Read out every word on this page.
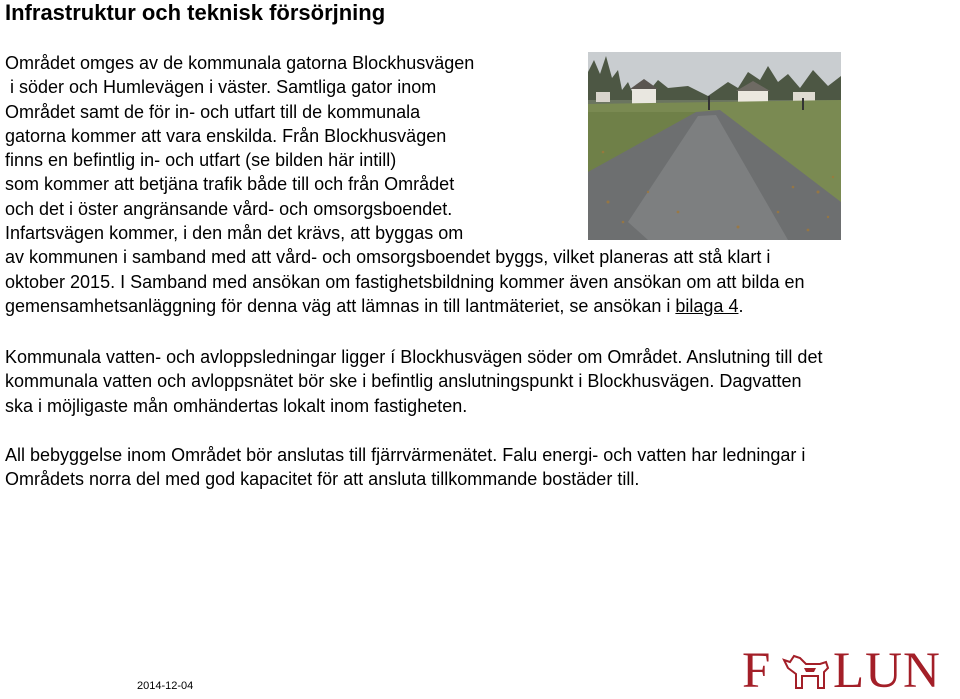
Infrastruktur och teknisk försörjning
Området omges av de kommunala gatorna Blockhusvägen
i söder och Humlevägen i väster. Samtliga gator inom
Området samt de för in- och utfart till de kommunala
gatorna kommer att vara enskilda. Från Blockhusvägen
finns en befintlig in- och utfart (se bilden här intill)
som kommer att betjäna trafik både till och från Området
och det i öster angränsande vård- och omsorgsboendet.
Infartsvägen kommer, i den mån det krävs, att byggas om
av kommunen i samband med att vård- och omsorgsboendet byggs, vilket planeras att stå klart i
oktober 2015. I Samband med ansökan om fastighetsbildning kommer även ansökan om att bilda en
gemensamhetsanläggning för denna väg att lämnas in till lantmäteriet, se ansökan i bilaga 4.
Kommunala vatten- och avloppsledningar ligger í Blockhusvägen söder om Området. Anslutning till det
kommunala vatten och avloppsnätet bör ske i befintlig anslutningspunkt i Blockhusvägen. Dagvatten
ska i möjligaste mån omhändertas lokalt inom fastigheten.
All bebyggelse inom Området bör anslutas till fjärrvärmenätet. Falu energi- och vatten har ledningar i
Områdets norra del med god kapacitet för att ansluta tillkommande bostäder till.
2014-12-04	F LUN
